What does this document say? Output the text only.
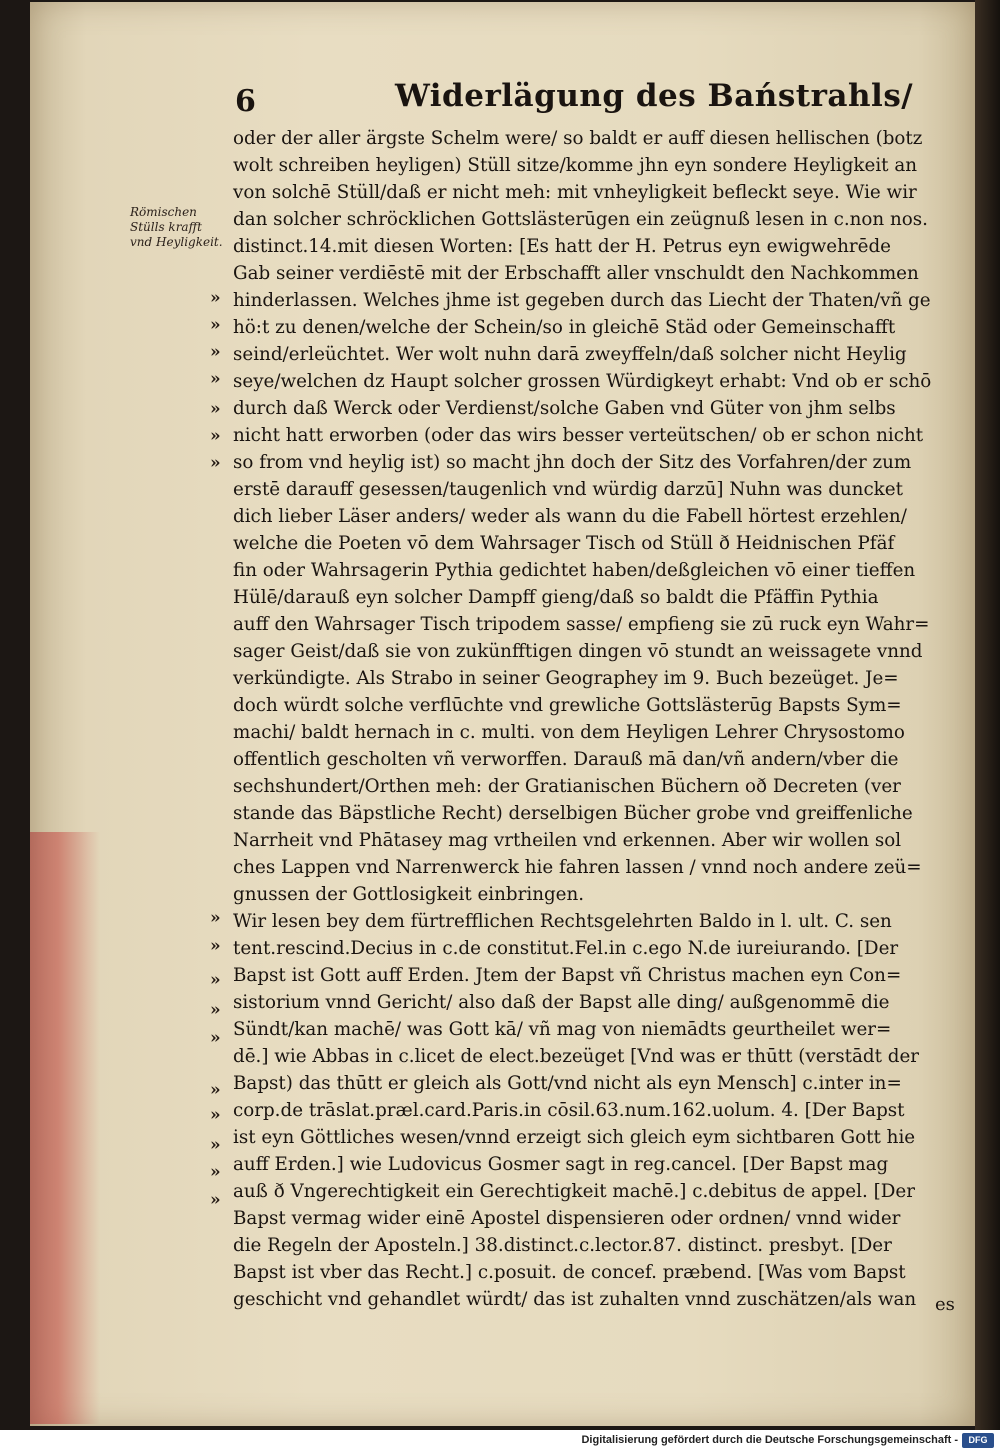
6	Widerlägung des Baństrahls/
Römischen Stülls krafft vnd Heyligkeit.
»
»
»
»
»
»
»
»
»
»
»
»
»
»
»
»
»
oder der aller ärgste Schelm were/ so baldt er auff diesen hellischen (botz
wolt schreiben heyligen) Stüll sitze/komme jhn eyn sondere Heyligkeit an
von solchē Stüll/daß er nicht meh: mit vnheyligkeit befleckt seye. Wie wir
dan solcher schröcklichen Gottslästerūgen ein zeügnuß lesen in c.non nos.
distinct.14.mit diesen Worten: [Es hatt der H. Petrus eyn ewigwehrēde
Gab seiner verdiēstē mit der Erbschafft aller vnschuldt den Nachkommen
hinderlassen. Welches jhme ist gegeben durch das Liecht der Thaten/vñ ge
hö:t zu denen/welche der Schein/so in gleichē Städ oder Gemeinschafft
seind/erleüchtet. Wer wolt nuhn darā zweyffeln/daß solcher nicht Heylig
seye/welchen dz Haupt solcher grossen Würdigkeyt erhabt: Vnd ob er schō
durch daß Werck oder Verdienst/solche Gaben vnd Güter von jhm selbs
nicht hatt erworben (oder das wirs besser verteütschen/ ob er schon nicht
so from vnd heylig ist) so macht jhn doch der Sitz des Vorfahren/der zum
erstē darauff gesessen/taugenlich vnd würdig darzū] Nuhn was duncket
dich lieber Läser anders/ weder als wann du die Fabell hörtest erzehlen/
welche die Poeten vō dem Wahrsager Tisch od Stüll ð Heidnischen Pfäf
fin oder Wahrsagerin Pythia gedichtet haben/deßgleichen vō einer tieffen
Hülē/darauß eyn solcher Dampff gieng/daß so baldt die Pfäffin Pythia
auff den Wahrsager Tisch tripodem sasse/ empfieng sie zū ruck eyn Wahr=
sager Geist/daß sie von zukünfftigen dingen vō stundt an weissagete vnnd
verkündigte. Als Strabo in seiner Geographey im 9. Buch bezeüget. Je=
doch würdt solche verflūchte vnd grewliche Gottslästerūg Bapsts Sym=
machi/ baldt hernach in c. multi. von dem Heyligen Lehrer Chrysostomo
offentlich gescholten vñ verworffen. Darauß mā dan/vñ andern/vber die
sechshundert/Orthen meh: der Gratianischen Büchern oð Decreten (ver
stande das Bäpstliche Recht) derselbigen Bücher grobe vnd greiffenliche
Narrheit vnd Phātasey mag vrtheilen vnd erkennen. Aber wir wollen sol
ches Lappen vnd Narrenwerck hie fahren lassen / vnnd noch andere zeü=
gnussen der Gottlosigkeit einbringen.
Wir lesen bey dem fürtrefflichen Rechtsgelehrten Baldo in l. ult. C. sen
tent.rescind.Decius in c.de constitut.Fel.in c.ego N.de iureiurando. [Der
Bapst ist Gott auff Erden. Jtem der Bapst vñ Christus machen eyn Con=
sistorium vnnd Gericht/ also daß der Bapst alle ding/ außgenommē die
Sündt/kan machē/ was Gott kā/ vñ mag von niemādts geurtheilet wer=
dē.] wie Abbas in c.licet de elect.bezeüget [Vnd was er thūtt (verstādt der
Bapst) das thūtt er gleich als Gott/vnd nicht als eyn Mensch] c.inter in=
corp.de trāslat.præl.card.Paris.in cōsil.63.num.162.uolum. 4. [Der Bapst
ist eyn Göttliches wesen/vnnd erzeigt sich gleich eym sichtbaren Gott hie
auff Erden.] wie Ludovicus Gosmer sagt in reg.cancel. [Der Bapst mag
auß ð Vngerechtigkeit ein Gerechtigkeit machē.] c.debitus de appel. [Der
Bapst vermag wider einē Apostel dispensieren oder ordnen/ vnnd wider
die Regeln der Aposteln.] 38.distinct.c.lector.87. distinct. presbyt. [Der
Bapst ist vber das Recht.] c.posuit. de concef. præbend. [Was vom Bapst
geschicht vnd gehandlet würdt/ das ist zuhalten vnnd zuschätzen/als wan es
Digitalisierung gefördert durch die Deutsche Forschungsgemeinschaft -	DFG
